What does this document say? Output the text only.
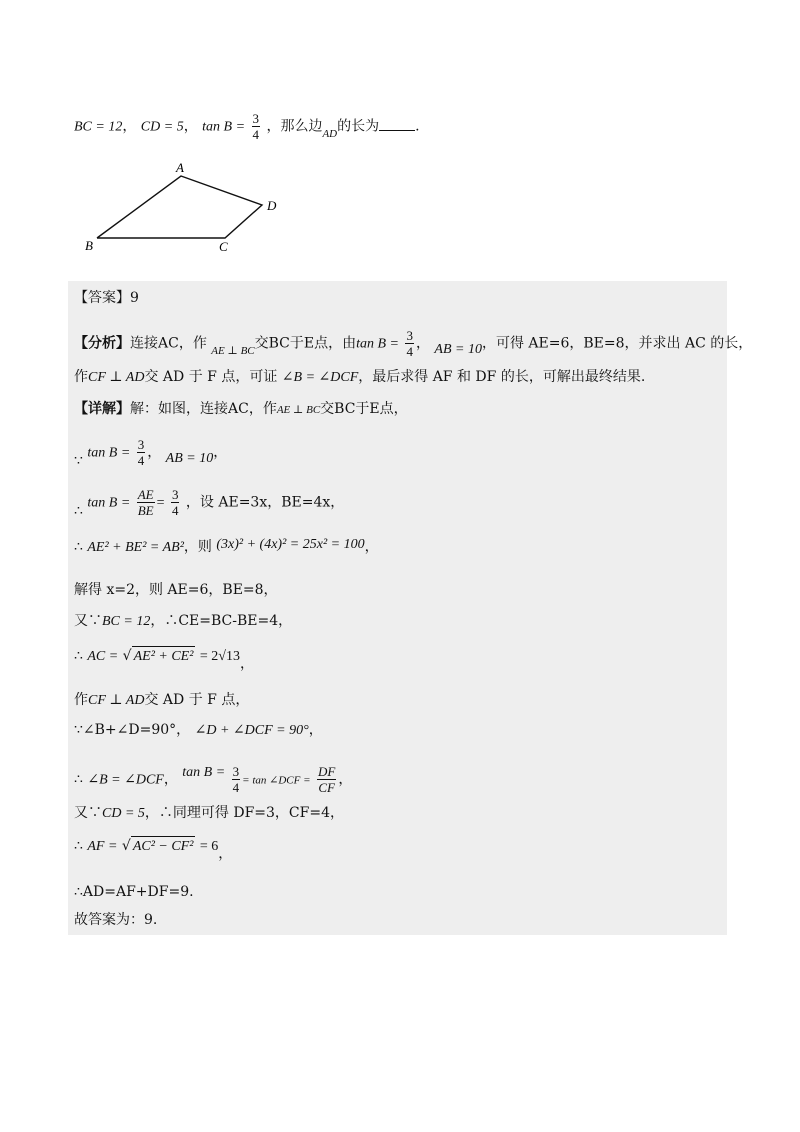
BC = 12， CD = 5， $\tan B = \frac{3}{4}$ ，那么边$_{AD}$的长为	.
A
B	C
D
【答案】9
【分析】连接AC，作 $_{AE \perp BC}$交BC于E点，由$\tan B = \frac{3}{4}$ ， AB = 10，可得 AE=6，BE=8，并求出 AC 的长，
作CF ⊥ AD交 AD 于 F 点，可证 ∠B = ∠DCF，最后求得 AF 和 DF 的长，可解出最终结果.
【详解】解：如图，连接AC，作AE ⊥ BC交BC于E点，
∵ $\tan B = \frac{3}{4}$ ， AB = 10，
∴ $\tan B = \frac{AE}{BE} = \frac{3}{4}$ ，设 AE=3x，BE=4x，
∴ AE² + BE² = AB²，则 (3x)² + (4x)² = 25x² = 100，
解得 x=2，则 AE=6，BE=8，
又∵BC = 12，∴CE=BC-BE=4，
∴ AC = √ AE² + CE² = 2√13，
作CF ⊥ AD交 AD 于 F 点，
∵∠B+∠D=90°， ∠D + ∠DCF = 90°，
∴ ∠B = ∠DCF， $\tan B = \frac{3}{4} = \tan$ ∠DCF = $\frac{DF}{CF}$ ，
又∵CD = 5，∴同理可得 DF=3，CF=4，
∴ AF = √ AC² − CF² = 6，
∴AD=AF+DF=9.
故答案为：9.
